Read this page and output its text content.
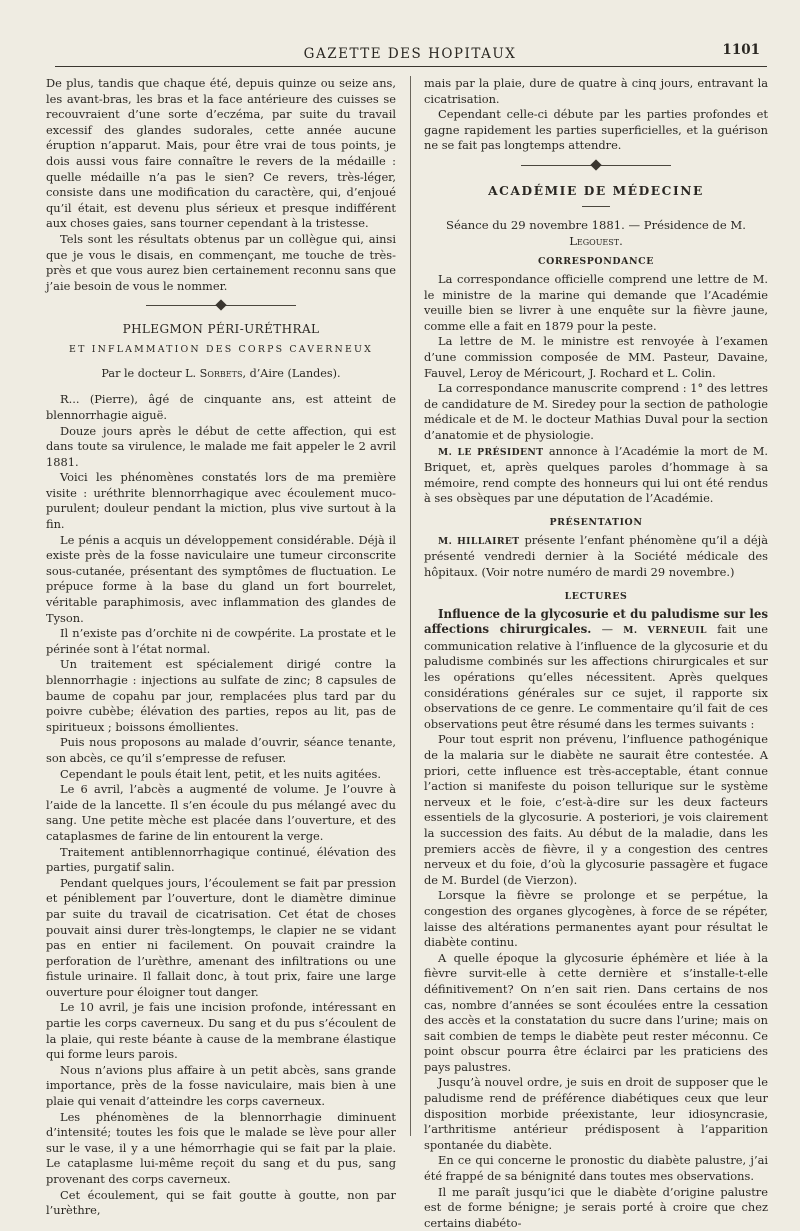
GAZETTE DES HOPITAUX	1101

De plus, tandis que chaque été, depuis quinze ou seize ans, les avant-bras, les bras et la face antérieure des cuisses se recouvraient d’une sorte d’eczéma, par suite du travail excessif des glandes sudorales, cette année aucune éruption n’apparut. Mais, pour être vrai de tous points, je dois aussi vous faire connaître le revers de la médaille : quelle médaille n’a pas le sien? Ce revers, très-léger, consiste dans une modification du caractère, qui, d’enjoué qu’il était, est devenu plus sérieux et presque indifférent aux choses gaies, sans tourner cependant à la tristesse.

Tels sont les résultats obtenus par un collègue qui, ainsi que je vous le disais, en commençant, me touche de très-près et que vous aurez bien certainement reconnu sans que j’aie besoin de vous le nommer.

PHLEGMON PÉRI-URÉTHRAL
ET INFLAMMATION DES CORPS CAVERNEUX
Par le docteur L. Sorbets, d’Aire (Landes).

R... (Pierre), âgé de cinquante ans, est atteint de blennorrhagie aiguë.

Douze jours après le début de cette affection, qui est dans toute sa virulence, le malade me fait appeler le 2 avril 1881.

Voici les phénomènes constatés lors de ma première visite : uréthrite blennorrhagique avec écoulement muco-purulent; douleur pendant la miction, plus vive surtout à la fin.

Le pénis a acquis un développement considérable. Déjà il existe près de la fosse naviculaire une tumeur circonscrite sous-cutanée, présentant des symptômes de fluctuation. Le prépuce forme à la base du gland un fort bourrelet, véritable paraphimosis, avec inflammation des glandes de Tyson.

Il n’existe pas d’orchite ni de cowpérite. La prostate et le périnée sont à l’état normal.

Un traitement est spécialement dirigé contre la blennorrhagie : injections au sulfate de zinc; 8 capsules de baume de copahu par jour, remplacées plus tard par du poivre cubèbe; élévation des parties, repos au lit, pas de spiritueux ; boissons émollientes.

Puis nous proposons au malade d’ouvrir, séance tenante, son abcès, ce qu’il s’empresse de refuser.

Cependant le pouls était lent, petit, et les nuits agitées.

Le 6 avril, l’abcès a augmenté de volume. Je l’ouvre à l’aide de la lancette. Il s’en écoule du pus mélangé avec du sang. Une petite mèche est placée dans l’ouverture, et des cataplasmes de farine de lin entourent la verge.

Traitement antiblennorrhagique continué, élévation des parties, purgatif salin.

Pendant quelques jours, l’écoulement se fait par pression et péniblement par l’ouverture, dont le diamètre diminue par suite du travail de cicatrisation. Cet état de choses pouvait ainsi durer très-longtemps, le clapier ne se vidant pas en entier ni facilement. On pouvait craindre la perforation de l’urèthre, amenant des infiltrations ou une fistule urinaire. Il fallait donc, à tout prix, faire une large ouverture pour éloigner tout danger.

Le 10 avril, je fais une incision profonde, intéressant en partie les corps caverneux. Du sang et du pus s’écoulent de la plaie, qui reste béante à cause de la membrane élastique qui forme leurs parois.

Nous n’avions plus affaire à un petit abcès, sans grande importance, près de la fosse naviculaire, mais bien à une plaie qui venait d’atteindre les corps caverneux.

Les phénomènes de la blennorrhagie diminuent d’intensité; toutes les fois que le malade se lève pour aller sur le vase, il y a une hémorrhagie qui se fait par la plaie. Le cataplasme lui-même reçoit du sang et du pus, sang provenant des corps caverneux.

Cet écoulement, qui se fait goutte à goutte, non par l’urèthre,

mais par la plaie, dure de quatre à cinq jours, entravant la cicatrisation.

Cependant celle-ci débute par les parties profondes et gagne rapidement les parties superficielles, et la guérison ne se fait pas longtemps attendre.

ACADÉMIE DE MÉDECINE
Séance du 29 novembre 1881. — Présidence de M. Legouest.
CORRESPONDANCE

La correspondance officielle comprend une lettre de M. le ministre de la marine qui demande que l’Académie veuille bien se livrer à une enquête sur la fièvre jaune, comme elle a fait en 1879 pour la peste.

La lettre de M. le ministre est renvoyée à l’examen d’une commission composée de MM. Pasteur, Davaine, Fauvel, Leroy de Méricourt, J. Rochard et L. Colin.

La correspondance manuscrite comprend : 1° des lettres de candidature de M. Siredey pour la section de pathologie médicale et de M. le docteur Mathias Duval pour la section d’anatomie et de physiologie.

M. LE PRÉSIDENT annonce à l’Académie la mort de M. Briquet, et, après quelques paroles d’hommage à sa mémoire, rend compte des honneurs qui lui ont été rendus à ses obsèques par une députation de l’Académie.

PRÉSENTATION

M. HILLAIRET présente l’enfant phénomène qu’il a déjà présenté vendredi dernier à la Société médicale des hôpitaux. (Voir notre numéro de mardi 29 novembre.)

LECTURES

Influence de la glycosurie et du paludisme sur les affections chirurgicales. — M. VERNEUIL fait une communication relative à l’influence de la glycosurie et du paludisme combinés sur les affections chirurgicales et sur les opérations qu’elles nécessitent. Après quelques considérations générales sur ce sujet, il rapporte six observations de ce genre. Le commentaire qu’il fait de ces observations peut être résumé dans les termes suivants :

Pour tout esprit non prévenu, l’influence pathogénique de la malaria sur le diabète ne saurait être contestée. A priori, cette influence est très-acceptable, étant connue l’action si manifeste du poison tellurique sur le système nerveux et le foie, c’est-à-dire sur les deux facteurs essentiels de la glycosurie. A posteriori, je vois clairement la succession des faits. Au début de la maladie, dans les premiers accès de fièvre, il y a congestion des centres nerveux et du foie, d’où la glycosurie passagère et fugace de M. Burdel (de Vierzon).

Lorsque la fièvre se prolonge et se perpétue, la congestion des organes glycogènes, à force de se répéter, laisse des altérations permanentes ayant pour résultat le diabète continu.

A quelle époque la glycosurie éphémère et liée à la fièvre survit-elle à cette dernière et s’installe-t-elle définitivement? On n’en sait rien. Dans certains de nos cas, nombre d’années se sont écoulées entre la cessation des accès et la constatation du sucre dans l’urine; mais on sait combien de temps le diabète peut rester méconnu. Ce point obscur pourra être éclairci par les praticiens des pays palustres.

Jusqu’à nouvel ordre, je suis en droit de supposer que le paludisme rend de préférence diabétiques ceux que leur disposition morbide préexistante, leur idiosyncrasie, l’arthritisme antérieur prédisposent à l’apparition spontanée du diabète.

En ce qui concerne le pronostic du diabète palustre, j’ai été frappé de sa bénignité dans toutes mes observations.

Il me paraît jusqu’ici que le diabète d’origine palustre est de forme bénigne; je serais porté à croire que chez certains diabéto-
